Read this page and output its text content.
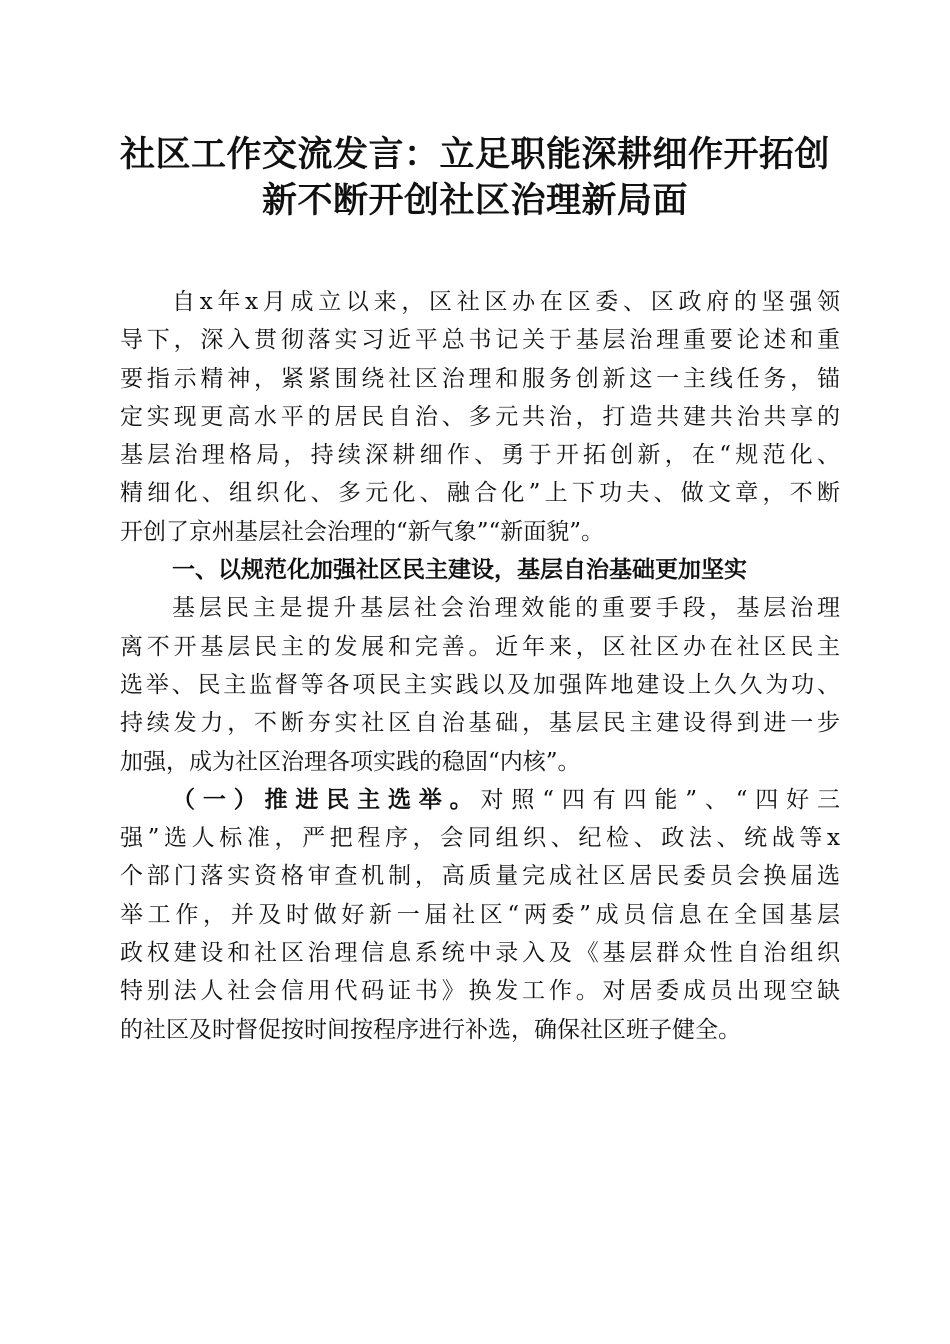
社区工作交流发言：立足职能深耕细作开拓创
新不断开创社区治理新局面
自x年x月成立以来，区社区办在区委、区政府的坚强领
导下，深入贯彻落实习近平总书记关于基层治理重要论述和重
要指示精神，紧紧围绕社区治理和服务创新这一主线任务，锚
定实现更高水平的居民自治、多元共治，打造共建共治共享的
基层治理格局，持续深耕细作、勇于开拓创新，在“规范化、
精细化、组织化、多元化、融合化”上下功夫、做文章，不断
开创了京州基层社会治理的“新气象”“新面貌”。
一、以规范化加强社区民主建设，基层自治基础更加坚实
基层民主是提升基层社会治理效能的重要手段，基层治理
离不开基层民主的发展和完善。近年来，区社区办在社区民主
选举、民主监督等各项民主实践以及加强阵地建设上久久为功、
持续发力，不断夯实社区自治基础，基层民主建设得到进一步
加强，成为社区治理各项实践的稳固“内核”。
（一）推进民主选举。对照“四有四能”、“四好三
强”选人标准，严把程序，会同组织、纪检、政法、统战等x
个部门落实资格审查机制，高质量完成社区居民委员会换届选
举工作，并及时做好新一届社区“两委”成员信息在全国基层
政权建设和社区治理信息系统中录入及《基层群众性自治组织
特别法人社会信用代码证书》换发工作。对居委成员出现空缺
的社区及时督促按时间按程序进行补选，确保社区班子健全。
